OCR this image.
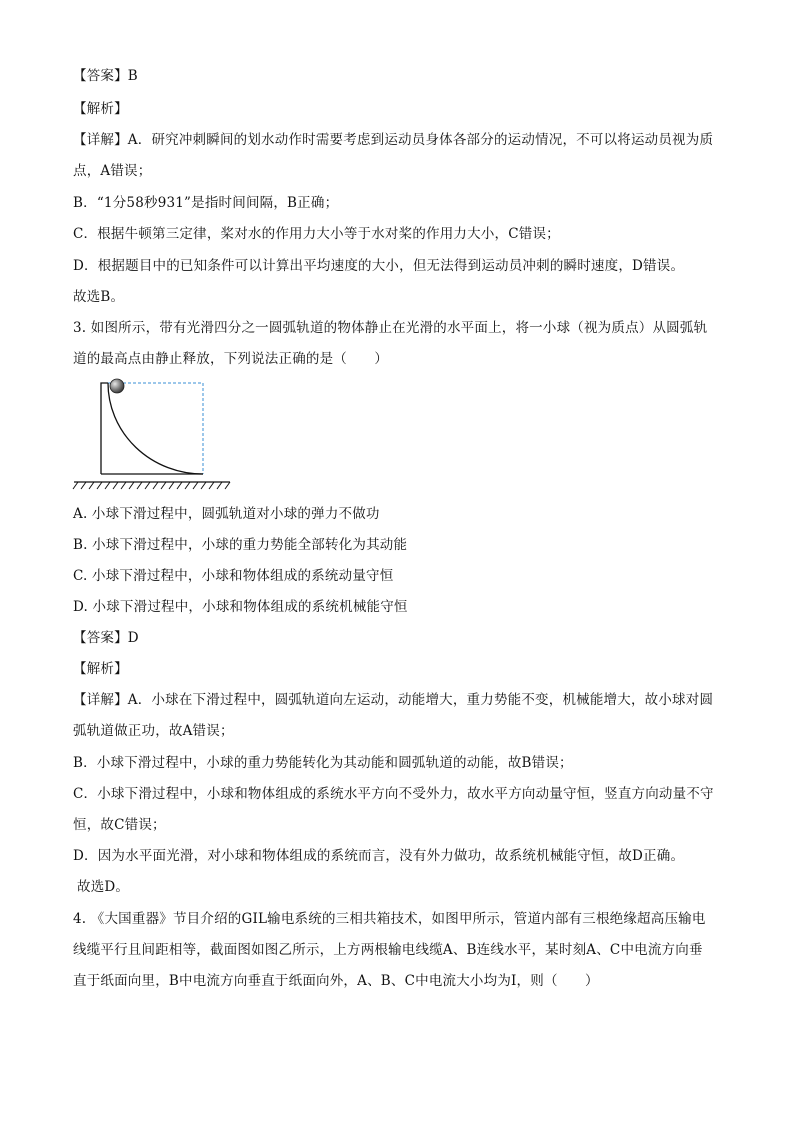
【答案】B
【解析】
【详解】A．研究冲刺瞬间的划水动作时需要考虑到运动员身体各部分的运动情况，不可以将运动员视为质
点，A错误；
B．“1分58秒931”是指时间间隔，B正确；
C．根据牛顿第三定律，桨对水的作用力大小等于水对桨的作用力大小，C错误；
D．根据题目中的已知条件可以计算出平均速度的大小，但无法得到运动员冲刺的瞬时速度，D错误。
故选B。
3. 如图所示，带有光滑四分之一圆弧轨道的物体静止在光滑的水平面上，将一小球（视为质点）从圆弧轨
道的最高点由静止释放，下列说法正确的是（　　）
A. 小球下滑过程中，圆弧轨道对小球的弹力不做功
B. 小球下滑过程中，小球的重力势能全部转化为其动能
C. 小球下滑过程中，小球和物体组成的系统动量守恒
D. 小球下滑过程中，小球和物体组成的系统机械能守恒
【答案】D
【解析】
【详解】A．小球在下滑过程中，圆弧轨道向左运动，动能增大，重力势能不变，机械能增大，故小球对圆
弧轨道做正功，故A错误；
B．小球下滑过程中，小球的重力势能转化为其动能和圆弧轨道的动能，故B错误；
C．小球下滑过程中，小球和物体组成的系统水平方向不受外力，故水平方向动量守恒，竖直方向动量不守
恒，故C错误；
D．因为水平面光滑，对小球和物体组成的系统而言，没有外力做功，故系统机械能守恒，故D正确。
故选D。
4. 《大国重器》节目介绍的GIL输电系统的三相共箱技术，如图甲所示，管道内部有三根绝缘超高压输电
线缆平行且间距相等，截面图如图乙所示，上方两根输电线缆A、B连线水平，某时刻A、C中电流方向垂
直于纸面向里，B中电流方向垂直于纸面向外，A、B、C中电流大小均为I，则（　　）
